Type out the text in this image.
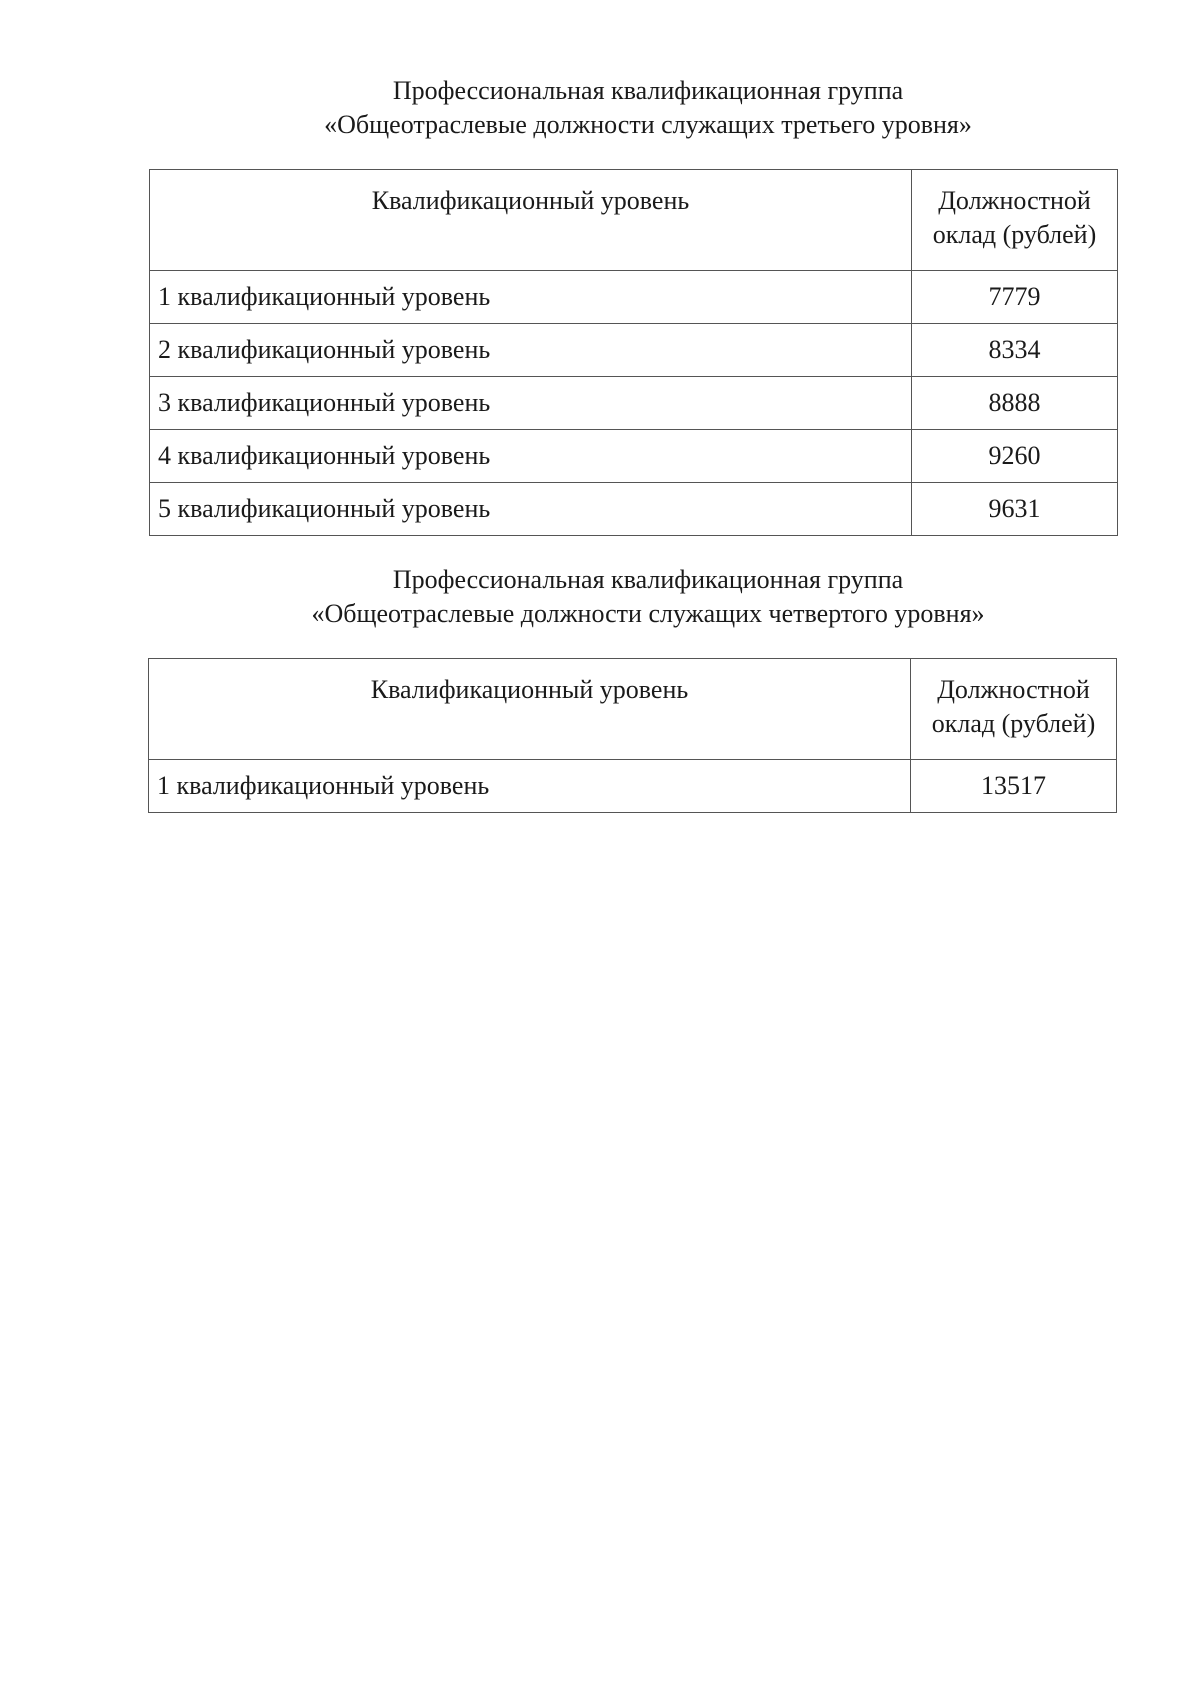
Профессиональная квалификационная группа
«Общеотраслевые должности служащих третьего уровня»
Квалификационный уровень	Должностной
оклад (рублей)

1 квалификационный уровень	7779
2 квалификационный уровень	8334
3 квалификационный уровень	8888
4 квалификационный уровень	9260
5 квалификационный уровень	9631
Профессиональная квалификационная группа
«Общеотраслевые должности служащих четвертого уровня»
Квалификационный уровень	Должностной
оклад (рублей)

1 квалификационный уровень	13517
